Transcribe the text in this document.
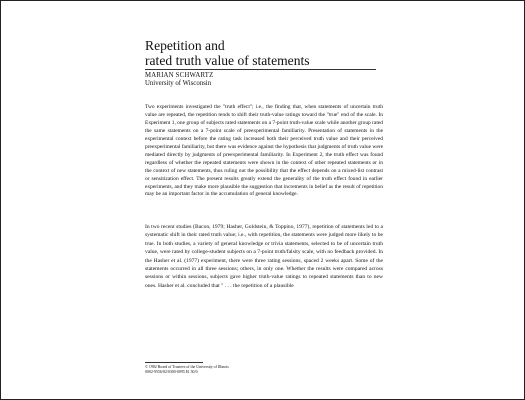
Repetition and
rated truth value of statements
MARIAN SCHWARTZ
University of Wisconsin

Two experiments investigated the "truth effect"; i.e., the finding that, when statements of uncertain truth value are repeated, the repetition tends to shift their truth-value ratings toward the "true" end of the scale. In Experiment 1, one group of subjects rated statements on a 7-point truth-value scale while another group rated the same statements on a 7-point scale of preexperimental familiarity. Presentation of statements in the experimental context before the rating task increased both their perceived truth value and their perceived preexperimental familiarity, but there was evidence against the hypothesis that judgments of truth value were mediated directly by judgments of preexperimental familiarity. In Experiment 2, the truth effect was found regardless of whether the repeated statements were shown in the context of other repeated statements or in the context of new statements, thus ruling out the possibility that the effect depends on a mixed-list contrast or sensitization effect. The present results greatly extend the generality of the truth effect found in earlier experiments, and they make more plausible the suggestion that increments in belief as the result of repetition may be an important factor in the accumulation of general knowledge.

In two recent studies (Bacon, 1979; Hasher, Goldstein, & Toppino, 1977), repetition of statements led to a systematic shift in their rated truth value; i.e., with repetition, the statements were judged more likely to be true. In both studies, a variety of general knowledge or trivia statements, selected to be of uncertain truth value, were rated by college-student subjects on a 7-point truth/falsity scale, with no feedback provided. In the Hasher et al. (1977) experiment, there were three rating sessions, spaced 2 weeks apart. Some of the statements occurred in all three sessions; others, in only one. Whether the results were compared across sessions or within sessions, subjects gave higher truth-value ratings to repeated statements than to new ones. Hasher et al. concluded that " . . . the repetition of a plausible

© 1982 Board of Trustees of the University of Illinois
0002-9556/82/0300-0095 $1.50/0
